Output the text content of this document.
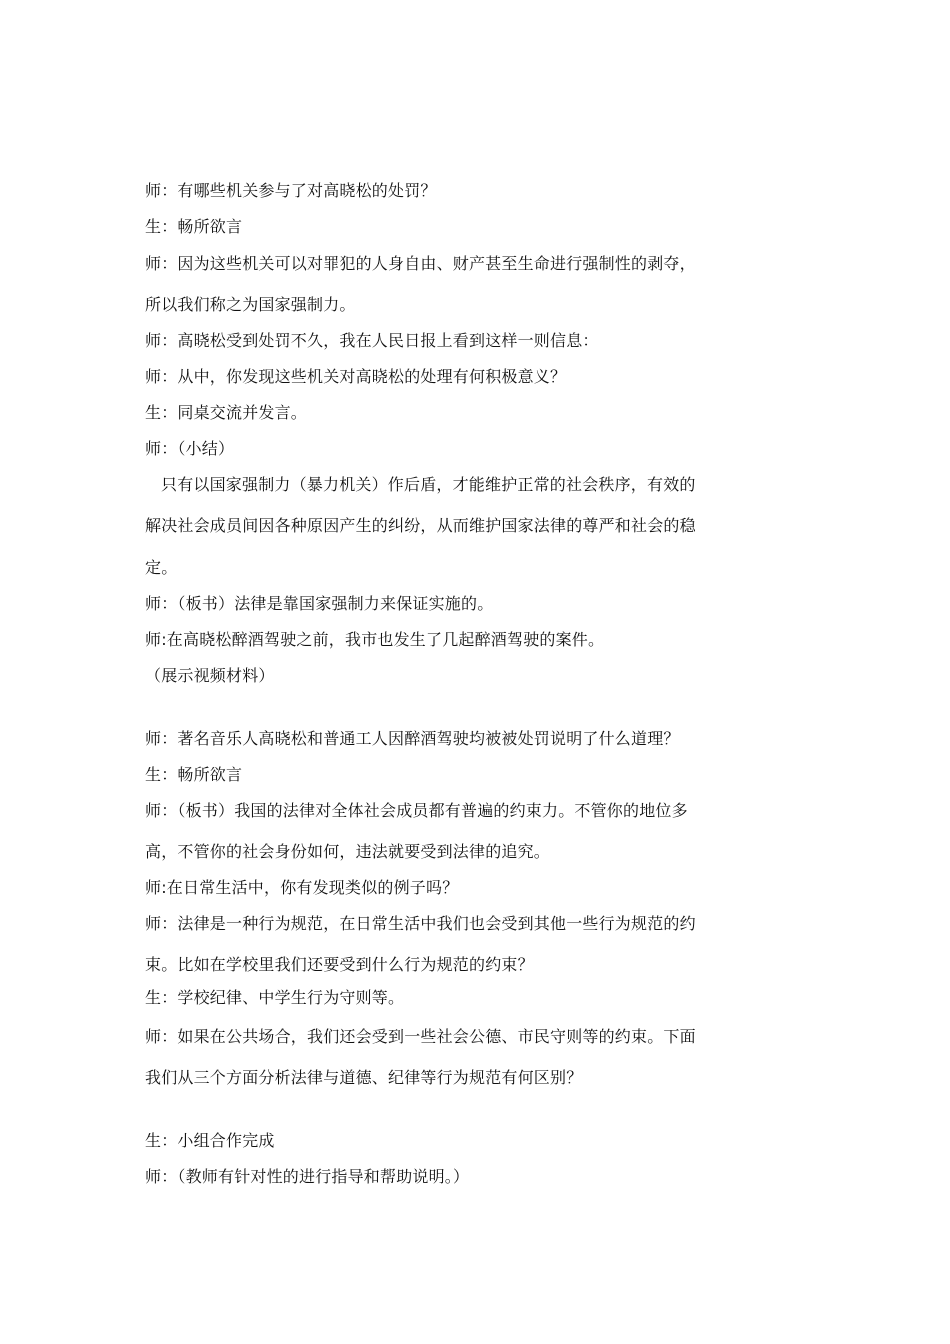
师：有哪些机关参与了对高晓松的处罚？
生：畅所欲言
师：因为这些机关可以对罪犯的人身自由、财产甚至生命进行强制性的剥夺，
所以我们称之为国家强制力。
师：高晓松受到处罚不久，我在人民日报上看到这样一则信息：
师：从中，你发现这些机关对高晓松的处理有何积极意义？
生：同桌交流并发言。
师：（小结）
只有以国家强制力（暴力机关）作后盾，才能维护正常的社会秩序，有效的
解决社会成员间因各种原因产生的纠纷，从而维护国家法律的尊严和社会的稳
定。
师：（板书）法律是靠国家强制力来保证实施的。
师:在高晓松醉酒驾驶之前，我市也发生了几起醉酒驾驶的案件。
（展示视频材料）
师：著名音乐人高晓松和普通工人因醉酒驾驶均被被处罚说明了什么道理？
生：畅所欲言
师：（板书）我国的法律对全体社会成员都有普遍的约束力。不管你的地位多
高，不管你的社会身份如何，违法就要受到法律的追究。
师:在日常生活中，你有发现类似的例子吗？
师：法律是一种行为规范，在日常生活中我们也会受到其他一些行为规范的约
束。比如在学校里我们还要受到什么行为规范的约束？
生：学校纪律、中学生行为守则等。
师：如果在公共场合，我们还会受到一些社会公德、市民守则等的约束。下面
我们从三个方面分析法律与道德、纪律等行为规范有何区别？
生：小组合作完成
师：（教师有针对性的进行指导和帮助说明。）
